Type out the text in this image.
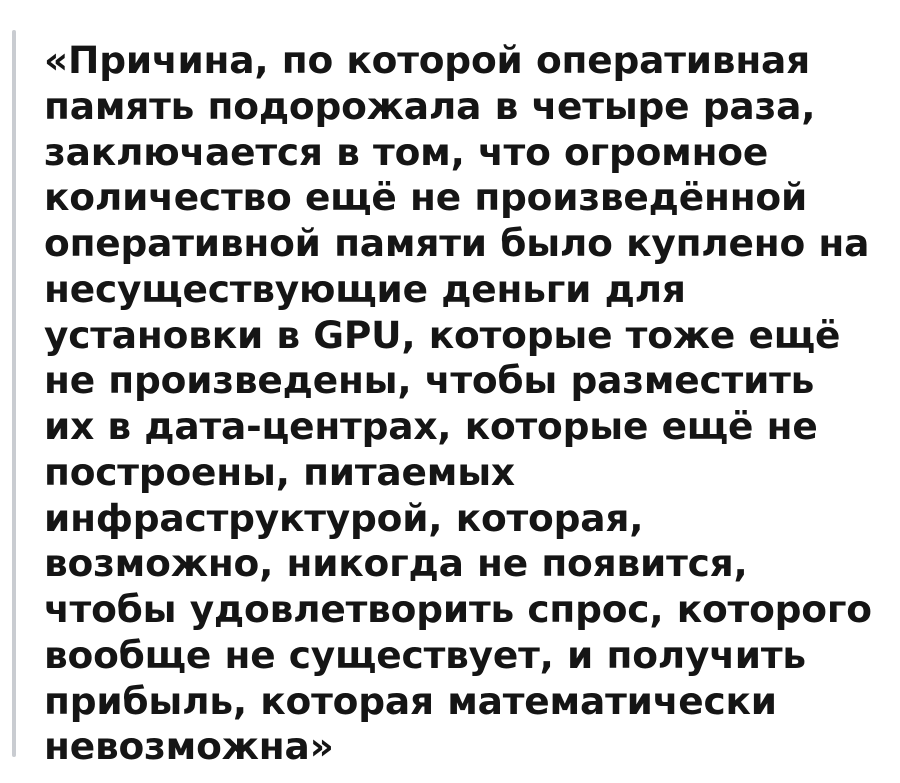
«Причина, по которой оперативная память подорожала в четыре раза, заключается в том, что огромное количество ещё не произведённой оперативной памяти было куплено на несуществующие деньги для установки в GPU, которые тоже ещё не произведены, чтобы разместить их в дата-центрах, которые ещё не построены, питаемых инфраструктурой, которая, возможно, никогда не появится, чтобы удовлетворить спрос, которого вообще не существует, и получить прибыль, которая математически невозможна»
